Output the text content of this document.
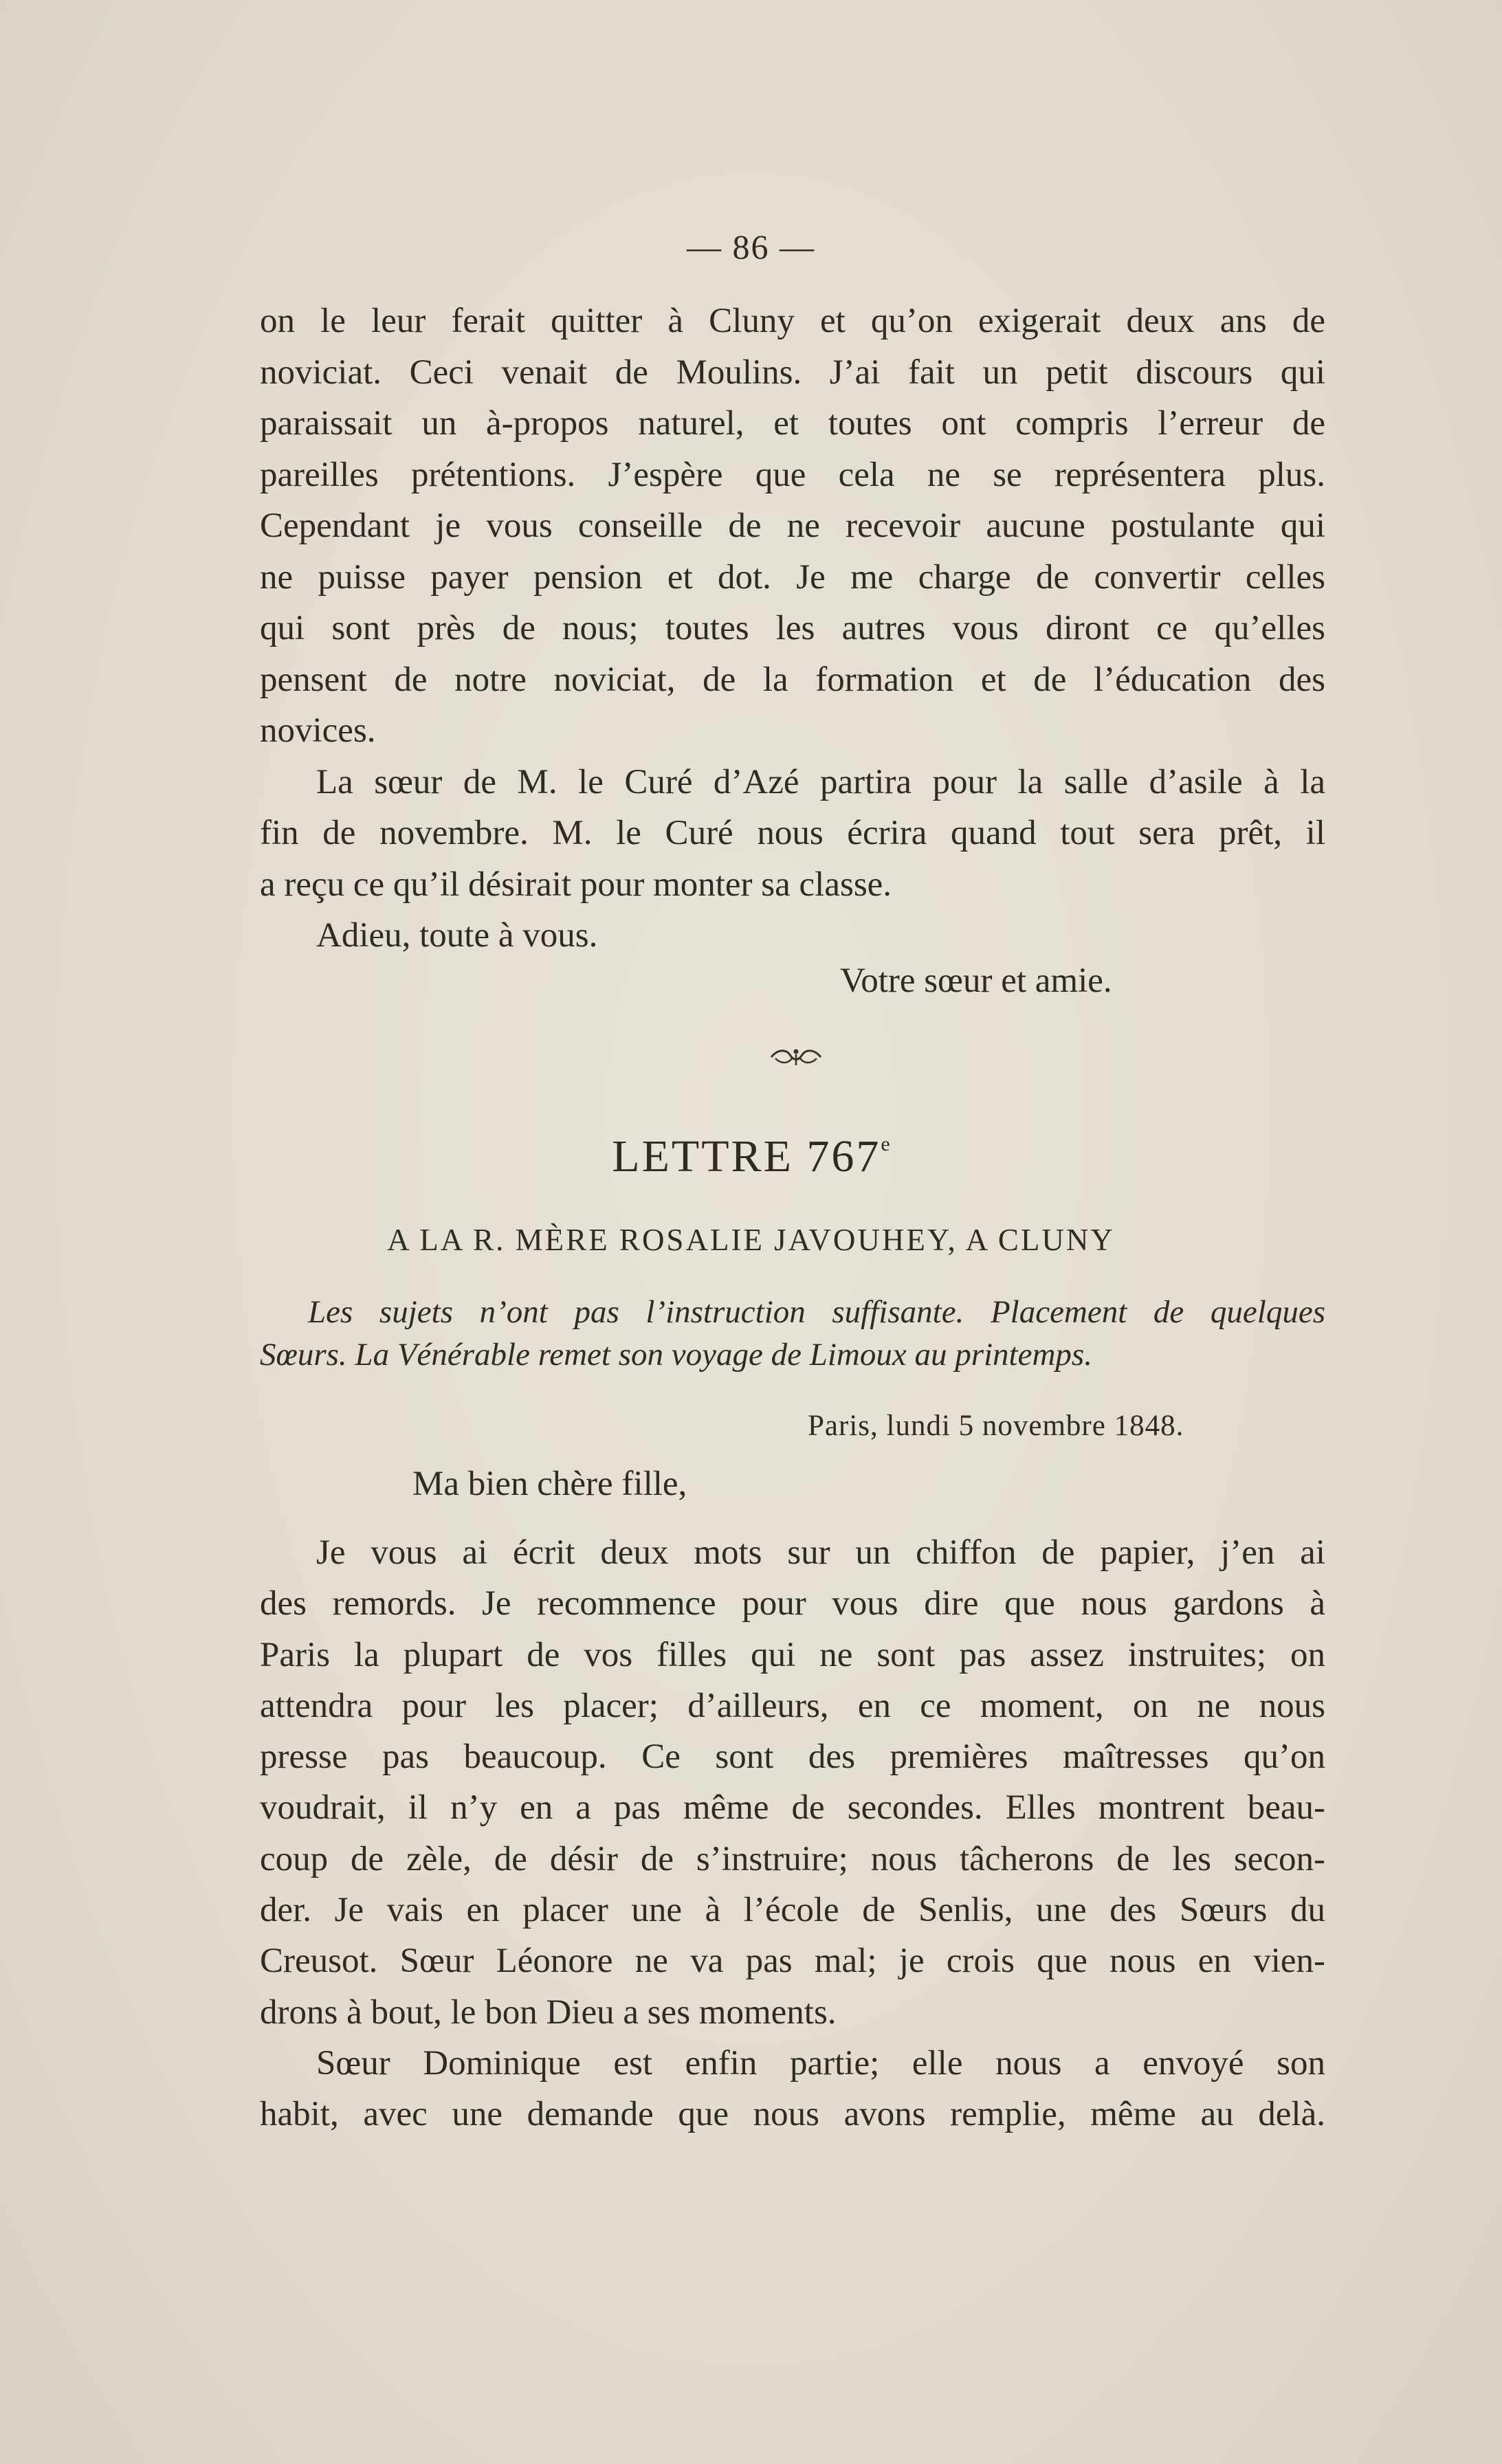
— 86 —
on le leur ferait quitter à Cluny et qu’on exigerait deux ans de
noviciat. Ceci venait de Moulins. J’ai fait un petit discours qui
paraissait un à-propos naturel, et toutes ont compris l’erreur de
pareilles prétentions. J’espère que cela ne se représentera plus.
Cependant je vous conseille de ne recevoir aucune postulante qui
ne puisse payer pension et dot. Je me charge de convertir celles
qui sont près de nous; toutes les autres vous diront ce qu’elles
pensent de notre noviciat, de la formation et de l’éducation des
novices.
La sœur de M. le Curé d’Azé partira pour la salle d’asile à la
fin de novembre. M. le Curé nous écrira quand tout sera prêt, il
a reçu ce qu’il désirait pour monter sa classe.
Adieu, toute à vous.
Votre sœur et amie.
LETTRE 767e
A LA R. MÈRE ROSALIE JAVOUHEY, A CLUNY
Les sujets n’ont pas l’instruction suffisante. Placement de quelques
Sœurs. La Vénérable remet son voyage de Limoux au printemps.
Paris, lundi 5 novembre 1848.
Ma bien chère fille,
Je vous ai écrit deux mots sur un chiffon de papier, j’en ai
des remords. Je recommence pour vous dire que nous gardons à
Paris la plupart de vos filles qui ne sont pas assez instruites; on
attendra pour les placer; d’ailleurs, en ce moment, on ne nous
presse pas beaucoup. Ce sont des premières maîtresses qu’on
voudrait, il n’y en a pas même de secondes. Elles montrent beau-
coup de zèle, de désir de s’instruire; nous tâcherons de les secon-
der. Je vais en placer une à l’école de Senlis, une des Sœurs du
Creusot. Sœur Léonore ne va pas mal; je crois que nous en vien-
drons à bout, le bon Dieu a ses moments.
Sœur Dominique est enfin partie; elle nous a envoyé son
habit, avec une demande que nous avons remplie, même au delà.
